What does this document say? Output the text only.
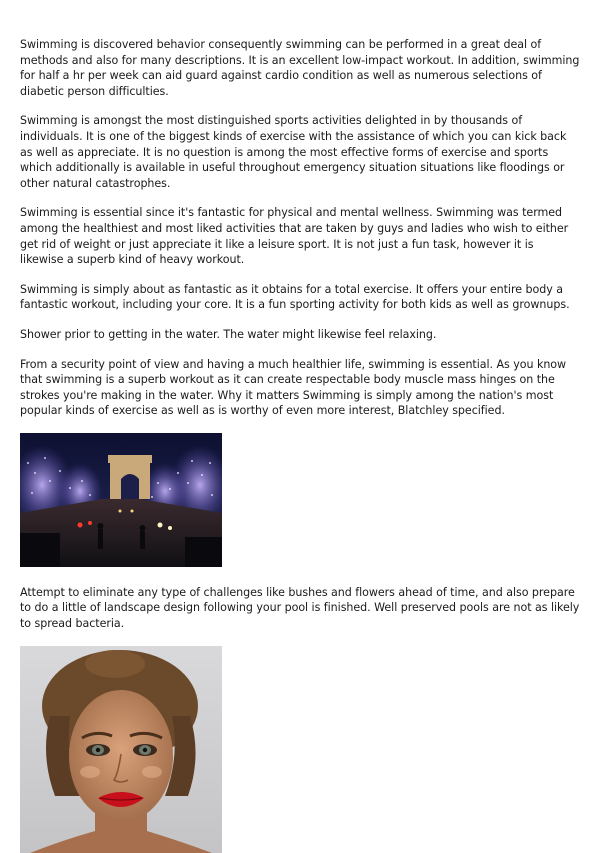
Swimming is discovered behavior consequently swimming can be performed in a great deal of methods and also for many descriptions. It is an excellent low-impact workout. In addition, swimming for half a hr per week can aid guard against cardio condition as well as numerous selections of diabetic person difficulties.

Swimming is amongst the most distinguished sports activities delighted in by thousands of individuals. It is one of the biggest kinds of exercise with the assistance of which you can kick back as well as appreciate. It is no question is among the most effective forms of exercise and sports which additionally is available in useful throughout emergency situation situations like floodings or other natural catastrophes.

Swimming is essential since it's fantastic for physical and mental wellness. Swimming was termed among the healthiest and most liked activities that are taken by guys and ladies who wish to either get rid of weight or just appreciate it like a leisure sport. It is not just a fun task, however it is likewise a superb kind of heavy workout.

Swimming is simply about as fantastic as it obtains for a total exercise. It offers your entire body a fantastic workout, including your core. It is a fun sporting activity for both kids as well as grownups.

Shower prior to getting in the water. The water might likewise feel relaxing.

From a security point of view and having a much healthier life, swimming is essential. As you know that swimming is a superb workout as it can create respectable body muscle mass hinges on the strokes you're making in the water. Why it matters Swimming is simply among the nation's most popular kinds of exercise as well as is worthy of even more interest, Blatchley specified.

Attempt to eliminate any type of challenges like bushes and flowers ahead of time, and also prepare to do a little of landscape design following your pool is finished. Well preserved pools are not as likely to spread bacteria.
